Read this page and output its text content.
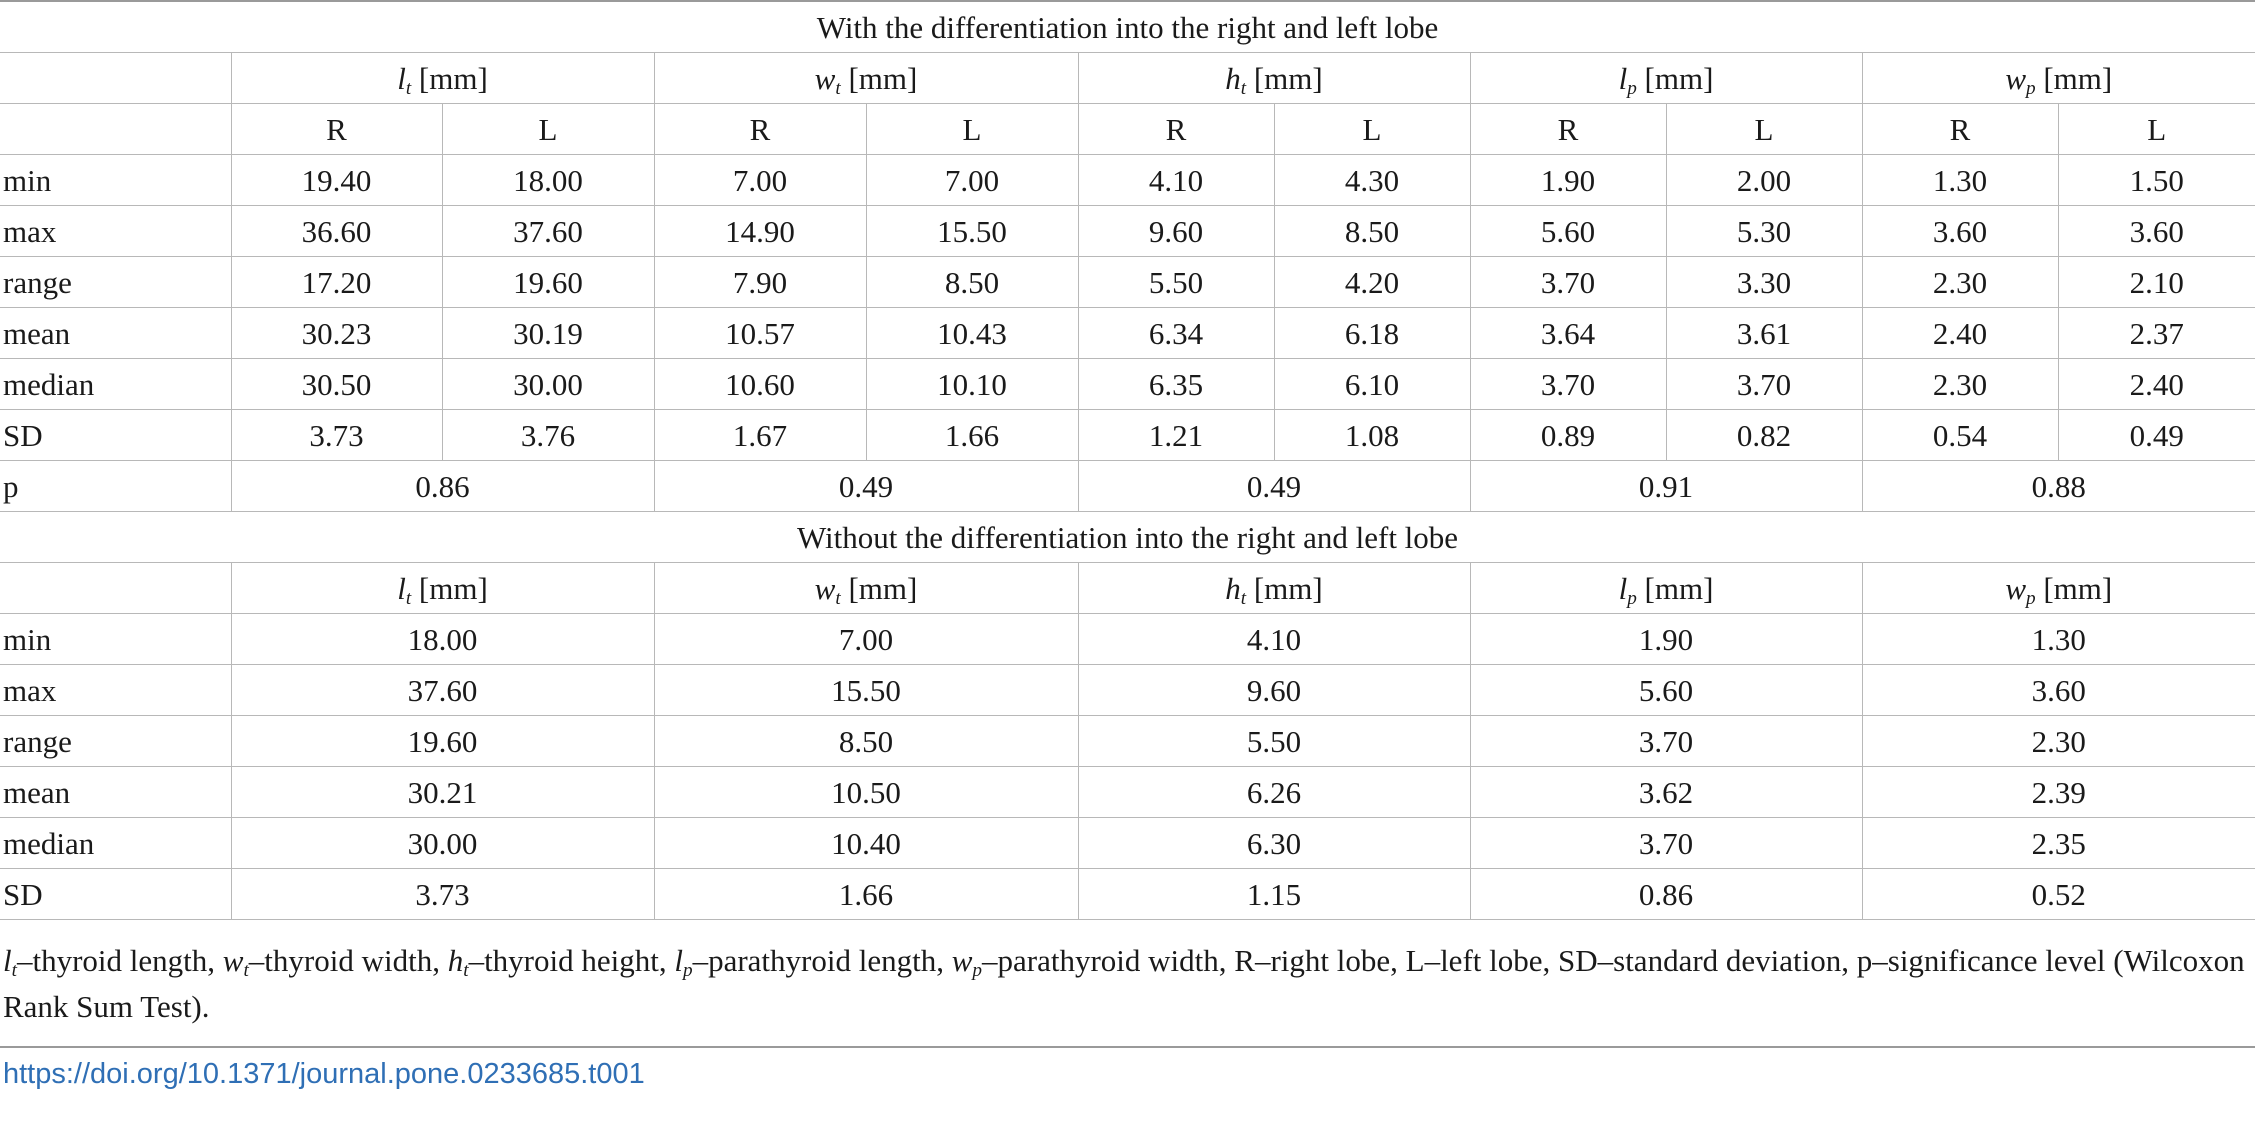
With the differentiation into the right and left lobe										
	$l_t$ [mm]		$w_t$ [mm]		$h_t$ [mm]		$l_p$ [mm]		$w_p$ [mm]	
	R	L	R	L	R	L	R	L	R	L
min	19.40	18.00	7.00	7.00	4.10	4.30	1.90	2.00	1.30	1.50
max	36.60	37.60	14.90	15.50	9.60	8.50	5.60	5.30	3.60	3.60
range	17.20	19.60	7.90	8.50	5.50	4.20	3.70	3.30	2.30	2.10
mean	30.23	30.19	10.57	10.43	6.34	6.18	3.64	3.61	2.40	2.37
median	30.50	30.00	10.60	10.10	6.35	6.10	3.70	3.70	2.30	2.40
SD	3.73	3.76	1.67	1.66	1.21	1.08	0.89	0.82	0.54	0.49
p	0.86		0.49		0.49		0.91		0.88	
Without the differentiation into the right and left lobe										
	$l_t$ [mm]		$w_t$ [mm]		$h_t$ [mm]		$l_p$ [mm]		$w_p$ [mm]	
min	18.00		7.00		4.10		1.90		1.30	
max	37.60		15.50		9.60		5.60		3.60	
range	19.60		8.50		5.50		3.70		2.30	
mean	30.21		10.50		6.26		3.62		2.39	
median	30.00		10.40		6.30		3.70		2.35	
SD	3.73		1.66		1.15		0.86		0.52	
$l_t$–thyroid length, $w_t$–thyroid width, $h_t$–thyroid height, $l_p$–parathyroid length, $w_p$–parathyroid width, R–right lobe, L–left lobe, SD–standard deviation, p–significance level (Wilcoxon Rank Sum Test).
https://doi.org/10.1371/journal.pone.0233685.t001
